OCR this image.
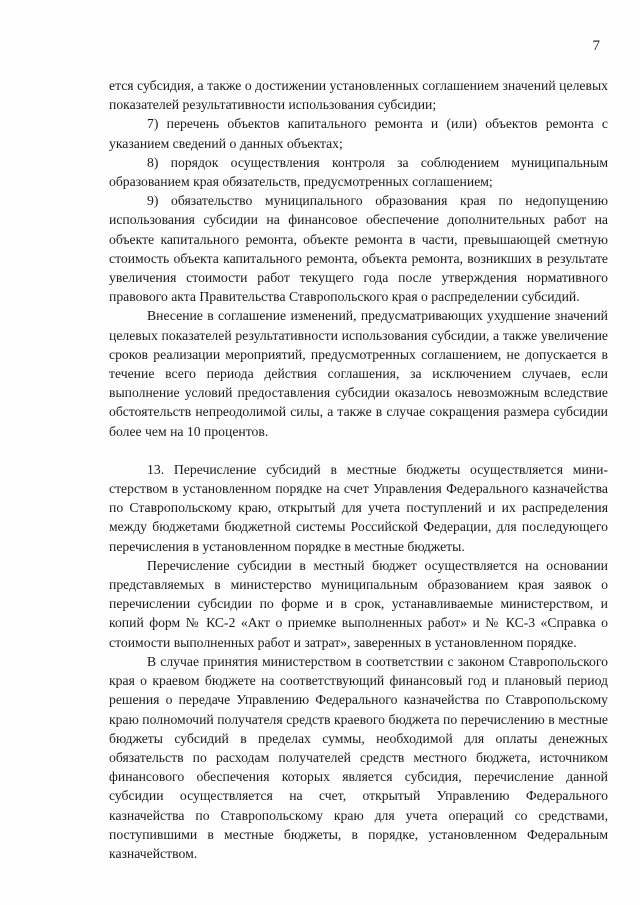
7

ется субсидия, а также о достижении установленных соглашением значений целевых показателей результативности использования субсидии;

7) перечень объектов капитального ремонта и (или) объектов ремонта с указанием сведений о данных объектах;

8) порядок осуществления контроля за соблюдением муниципальным образованием края обязательств, предусмотренных соглашением;

9) обязательство муниципального образования края по недопущению использования субсидии на финансовое обеспечение дополнительных работ на объекте капитального ремонта, объекте ремонта в части, превышающей сметную стоимость объекта капитального ремонта, объекта ремонта, возникших в результате увеличения стоимости работ текущего года после утверждения нормативного правового акта Правительства Ставропольского края о распределении субсидий.

Внесение в соглашение изменений, предусматривающих ухудшение значений целевых показателей результативности использования субсидии, а также увеличение сроков реализации мероприятий, предусмотренных соглашением, не допускается в течение всего периода действия соглашения, за исключением случаев, если выполнение условий предоставления субсидии оказалось невозможным вследствие обстоятельств непреодолимой силы, а также в случае сокращения размера субсидии более чем на 10 процентов.

13. Перечисление субсидий в местные бюджеты осуществляется министерством в установленном порядке на счет Управления Федерального казначейства по Ставропольскому краю, открытый для учета поступлений и их распределения между бюджетами бюджетной системы Российской Федерации, для последующего перечисления в установленном порядке в местные бюджеты.

Перечисление субсидии в местный бюджет осуществляется на основании представляемых в министерство муниципальным образованием края заявок о перечислении субсидии по форме и в срок, устанавливаемые министерством, и копий форм № КС-2 «Акт о приемке выполненных работ» и № КС-3 «Справка о стоимости выполненных работ и затрат», заверенных в установленном порядке.

В случае принятия министерством в соответствии с законом Ставропольского края о краевом бюджете на соответствующий финансовый год и плановый период решения о передаче Управлению Федерального казначейства по Ставропольскому краю полномочий получателя средств краевого бюджета по перечислению в местные бюджеты субсидий в пределах суммы, необходимой для оплаты денежных обязательств по расходам получателей средств местного бюджета, источником финансового обеспечения которых является субсидия, перечисление данной субсидии осуществляется на счет, открытый Управлению Федерального казначейства по Ставропольскому краю для учета операций со средствами, поступившими в местные бюджеты, в порядке, установленном Федеральным казначейством.
